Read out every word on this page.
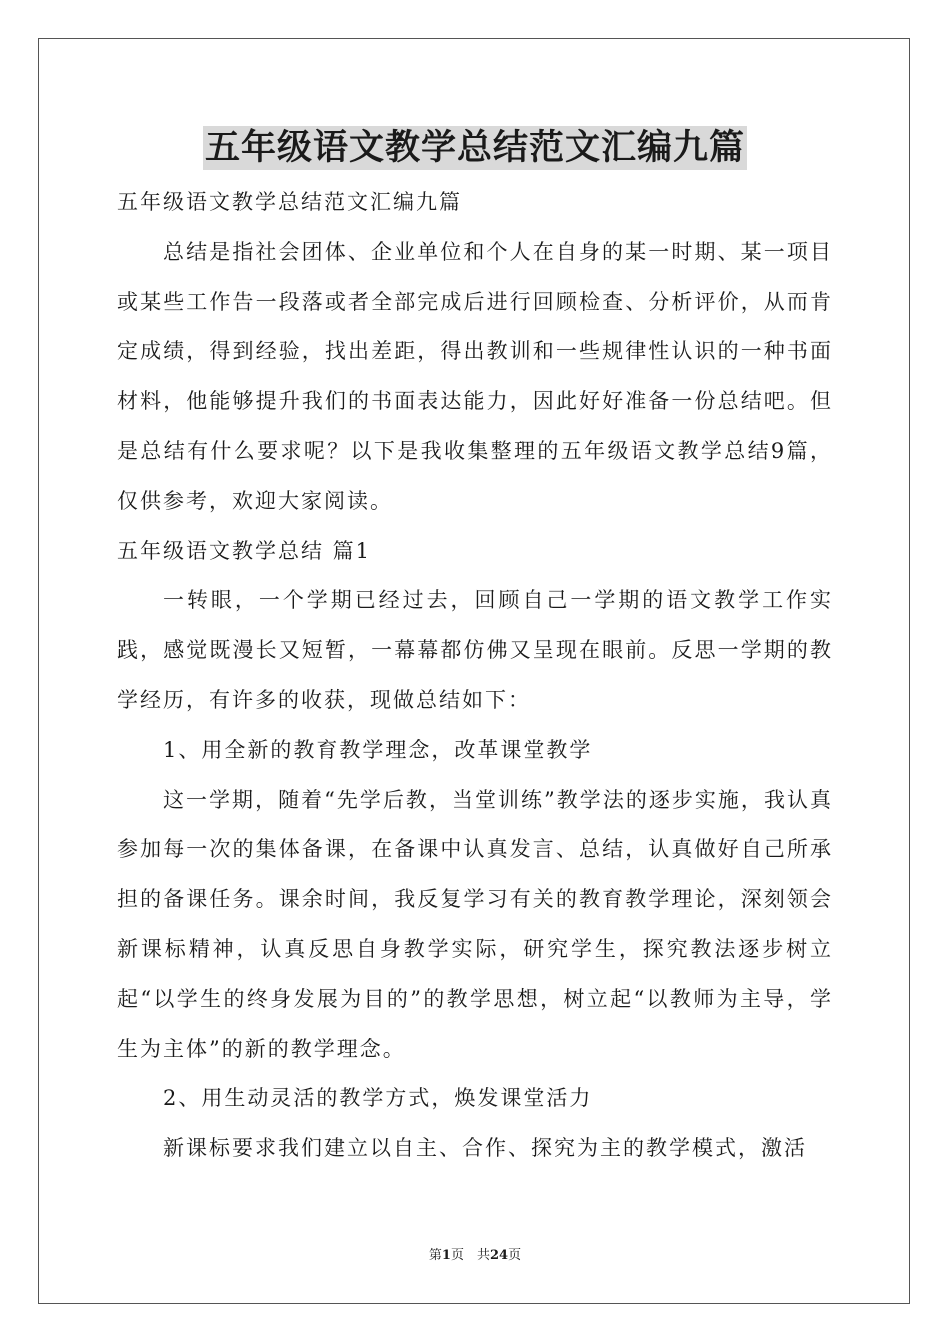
五年级语文教学总结范文汇编九篇

五年级语文教学总结范文汇编九篇

总结是指社会团体、企业单位和个人在自身的某一时期、某一项目或某些工作告一段落或者全部完成后进行回顾检查、分析评价，从而肯定成绩，得到经验，找出差距，得出教训和一些规律性认识的一种书面材料，他能够提升我们的书面表达能力，因此好好准备一份总结吧。但是总结有什么要求呢？以下是我收集整理的五年级语文教学总结9篇，仅供参考，欢迎大家阅读。

五年级语文教学总结 篇1

一转眼，一个学期已经过去，回顾自己一学期的语文教学工作实践，感觉既漫长又短暂，一幕幕都仿佛又呈现在眼前。反思一学期的教学经历，有许多的收获，现做总结如下：

1、用全新的教育教学理念，改革课堂教学

这一学期，随着“先学后教，当堂训练”教学法的逐步实施，我认真参加每一次的集体备课，在备课中认真发言、总结，认真做好自己所承担的备课任务。课余时间，我反复学习有关的教育教学理论，深刻领会新课标精神，认真反思自身教学实际，研究学生，探究教法逐步树立起“以学生的终身发展为目的”的教学思想，树立起“以教师为主导，学生为主体”的新的教学理念。

2、用生动灵活的教学方式，焕发课堂活力

新课标要求我们建立以自主、合作、探究为主的教学模式，激活

第1页　共24页
